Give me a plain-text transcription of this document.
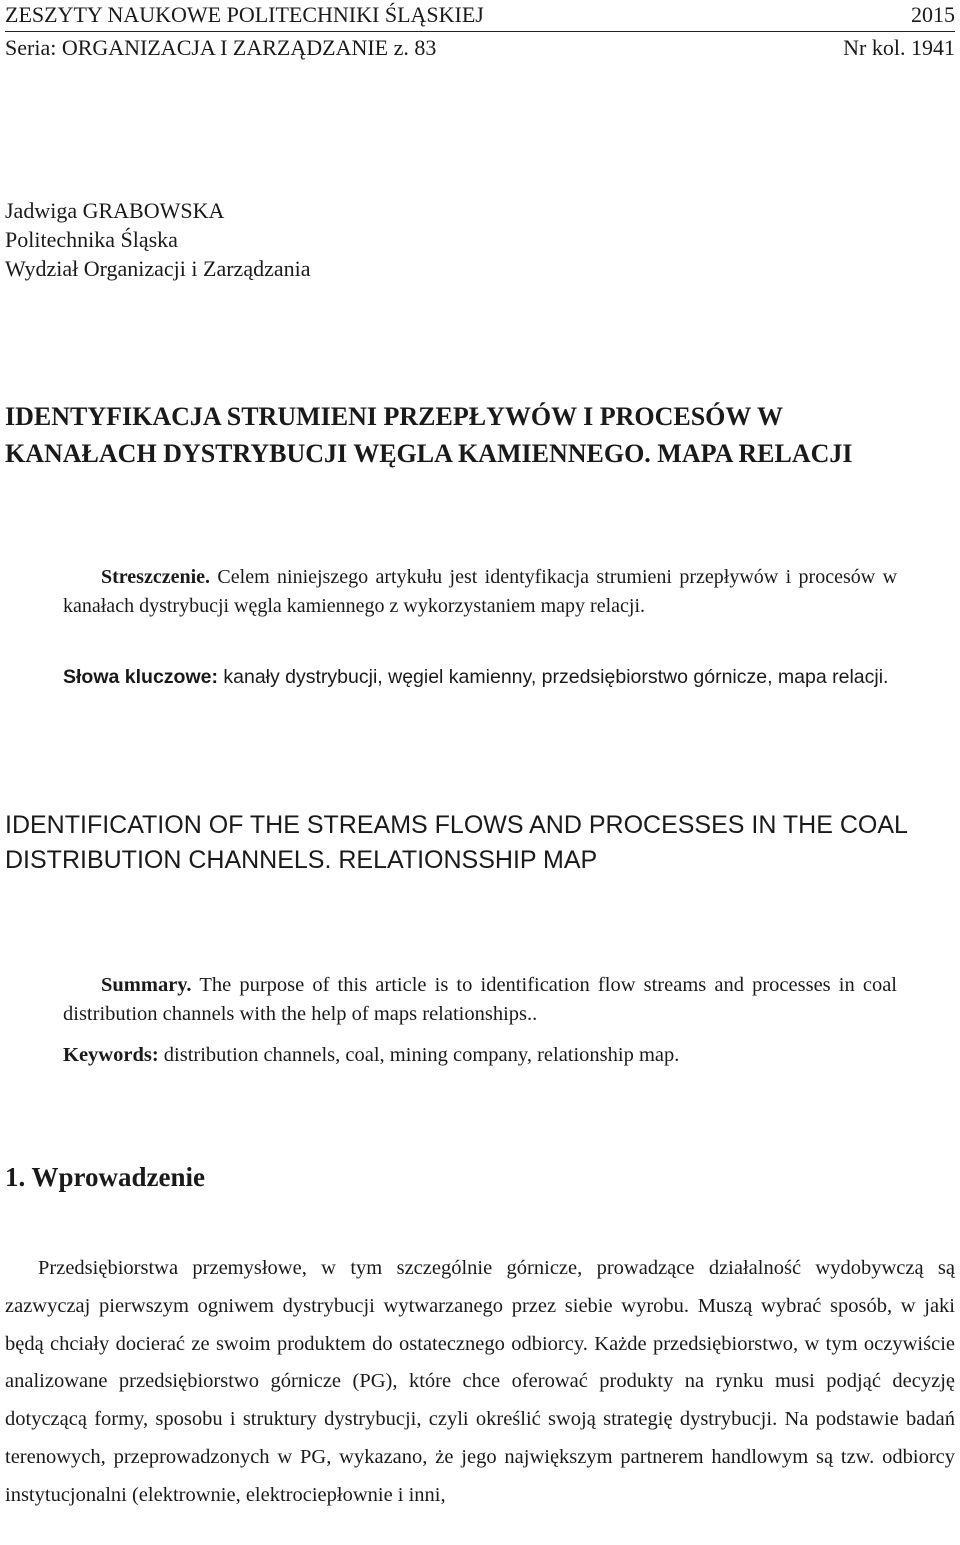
ZESZYTY NAUKOWE POLITECHNIKI ŚLĄSKIEJ	2015
Seria: ORGANIZACJA I ZARZĄDZANIE z. 83	Nr kol. 1941
Jadwiga GRABOWSKA
Politechnika Śląska
Wydział Organizacji i Zarządzania
IDENTYFIKACJA STRUMIENI PRZEPŁYWÓW I PROCESÓW W KANAŁACH DYSTRYBUCJI WĘGLA KAMIENNEGO. MAPA RELACJI

Streszczenie. Celem niniejszego artykułu jest identyfikacja strumieni przepływów i procesów w kanałach dystrybucji węgla kamiennego z wykorzystaniem mapy relacji.

Słowa kluczowe: kanały dystrybucji, węgiel kamienny, przedsiębiorstwo górnicze, mapa relacji.

IDENTIFICATION OF THE STREAMS FLOWS AND PROCESSES IN THE COAL DISTRIBUTION CHANNELS. RELATIONSSHIP MAP

Summary. The purpose of this article is to identification flow streams and processes in coal distribution channels with the help of maps relationships..

Keywords: distribution channels, coal, mining company, relationship map.

1. Wprowadzenie

Przedsiębiorstwa przemysłowe, w tym szczególnie górnicze, prowadzące działalność wydobywczą są zazwyczaj pierwszym ogniwem dystrybucji wytwarzanego przez siebie wyrobu. Muszą wybrać sposób, w jaki będą chciały docierać ze swoim produktem do ostatecznego odbiorcy. Każde przedsiębiorstwo, w tym oczywiście analizowane przedsiębiorstwo górnicze (PG), które chce oferować produkty na rynku musi podjąć decyzję dotyczącą formy, sposobu i struktury dystrybucji, czyli określić swoją strategię dystrybucji. Na podstawie badań terenowych, przeprowadzonych w PG, wykazano, że jego największym partnerem handlowym są tzw. odbiorcy instytucjonalni (elektrownie, elektrociepłownie i inni,
